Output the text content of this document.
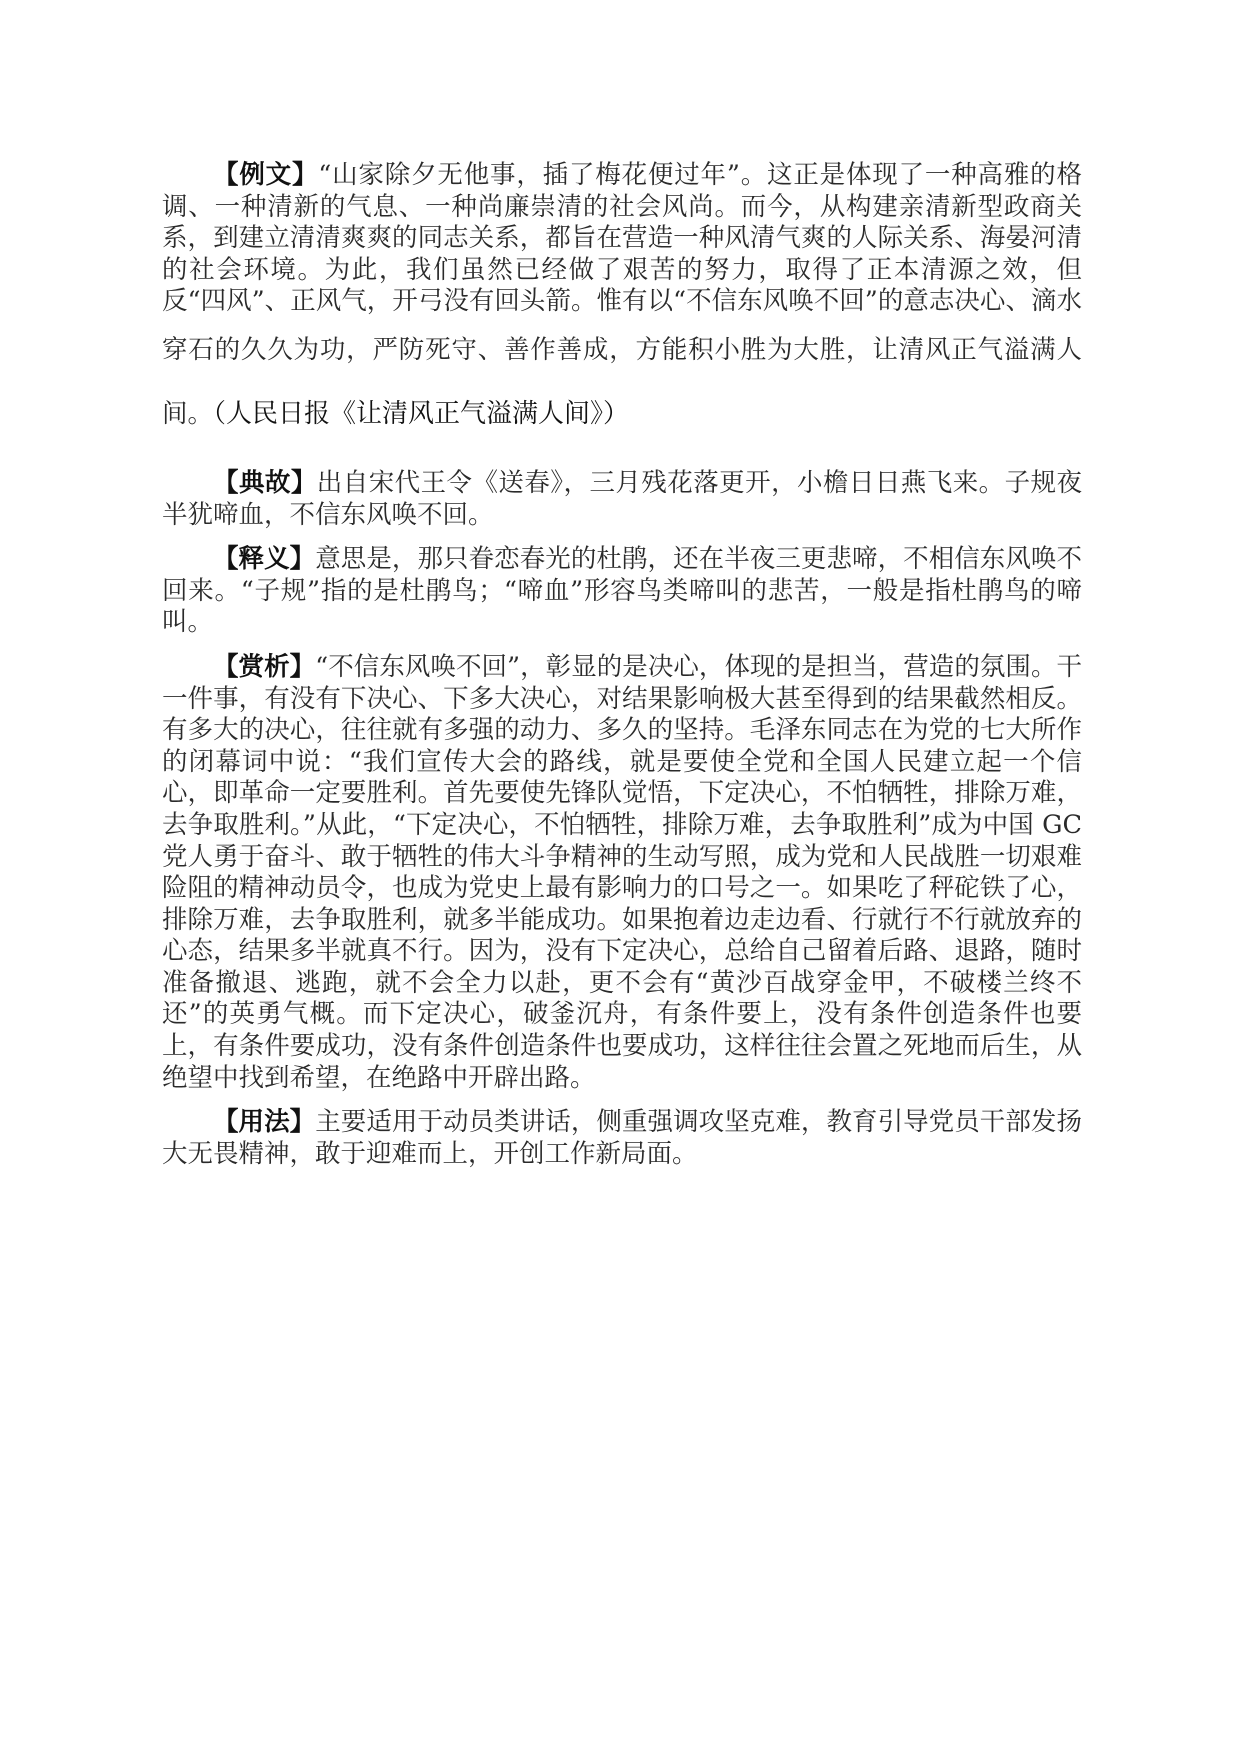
【例文】“山家除夕无他事，插了梅花便过年”。这正是体现了一种高雅的格调、一种清新的气息、一种尚廉崇清的社会风尚。而今，从构建亲清新型政商关系，到建立清清爽爽的同志关系，都旨在营造一种风清气爽的人际关系、海晏河清的社会环境。为此，我们虽然已经做了艰苦的努力，取得了正本清源之效，但反“四风”、正风气，开弓没有回头箭。惟有以“不信东风唤不回”的意志决心、滴水穿石的久久为功，严防死守、善作善成，方能积小胜为大胜，让清风正气溢满人间。（人民日报《让清风正气溢满人间》）

【典故】出自宋代王令《送春》，三月残花落更开，小檐日日燕飞来。子规夜半犹啼血，不信东风唤不回。

【释义】意思是，那只眷恋春光的杜鹃，还在半夜三更悲啼，不相信东风唤不回来。“子规”指的是杜鹃鸟；“啼血”形容鸟类啼叫的悲苦，一般是指杜鹃鸟的啼叫。

【赏析】“不信东风唤不回”，彰显的是决心，体现的是担当，营造的氛围。干一件事，有没有下决心、下多大决心，对结果影响极大甚至得到的结果截然相反。有多大的决心，往往就有多强的动力、多久的坚持。毛泽东同志在为党的七大所作的闭幕词中说：“我们宣传大会的路线，就是要使全党和全国人民建立起一个信心，即革命一定要胜利。首先要使先锋队觉悟，下定决心，不怕牺牲，排除万难，去争取胜利。”从此，“下定决心，不怕牺牲，排除万难，去争取胜利”成为中国 GC 党人勇于奋斗、敢于牺牲的伟大斗争精神的生动写照，成为党和人民战胜一切艰难险阻的精神动员令，也成为党史上最有影响力的口号之一。如果吃了秤砣铁了心，排除万难，去争取胜利，就多半能成功。如果抱着边走边看、行就行不行就放弃的心态，结果多半就真不行。因为，没有下定决心，总给自己留着后路、退路，随时准备撤退、逃跑，就不会全力以赴，更不会有“黄沙百战穿金甲，不破楼兰终不还”的英勇气概。而下定决心，破釜沉舟，有条件要上，没有条件创造条件也要上，有条件要成功，没有条件创造条件也要成功，这样往往会置之死地而后生，从绝望中找到希望，在绝路中开辟出路。

【用法】主要适用于动员类讲话，侧重强调攻坚克难，教育引导党员干部发扬大无畏精神，敢于迎难而上，开创工作新局面。
